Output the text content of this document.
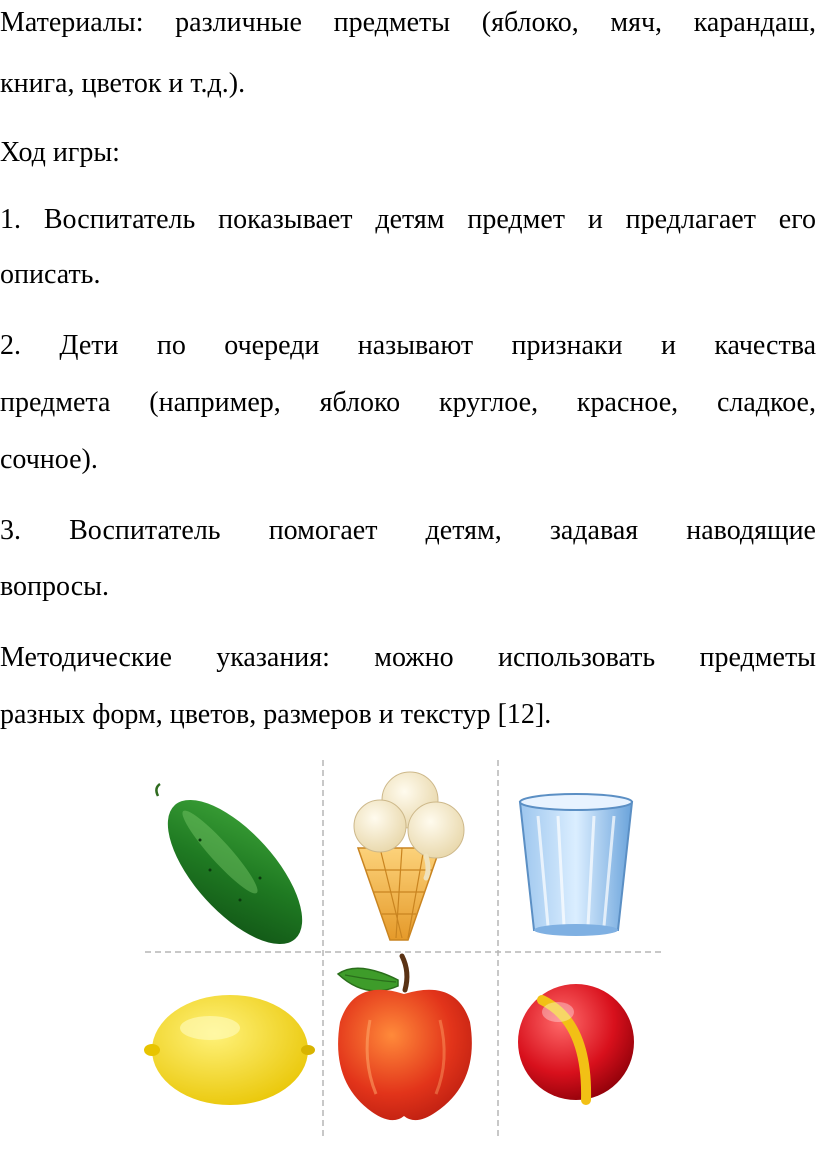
Материалы: различные предметы (яблоко, мяч, карандаш,
книга, цветок и т.д.).
Ход игры:
1. Воспитатель показывает детям предмет и предлагает его
описать.
2. Дети по очереди называют признаки и качества
предмета (например, яблоко круглое, красное, сладкое,
сочное).
3. Воспитатель помогает детям, задавая наводящие
вопросы.
Методические указания: можно использовать предметы
разных форм, цветов, размеров и текстур [12].
